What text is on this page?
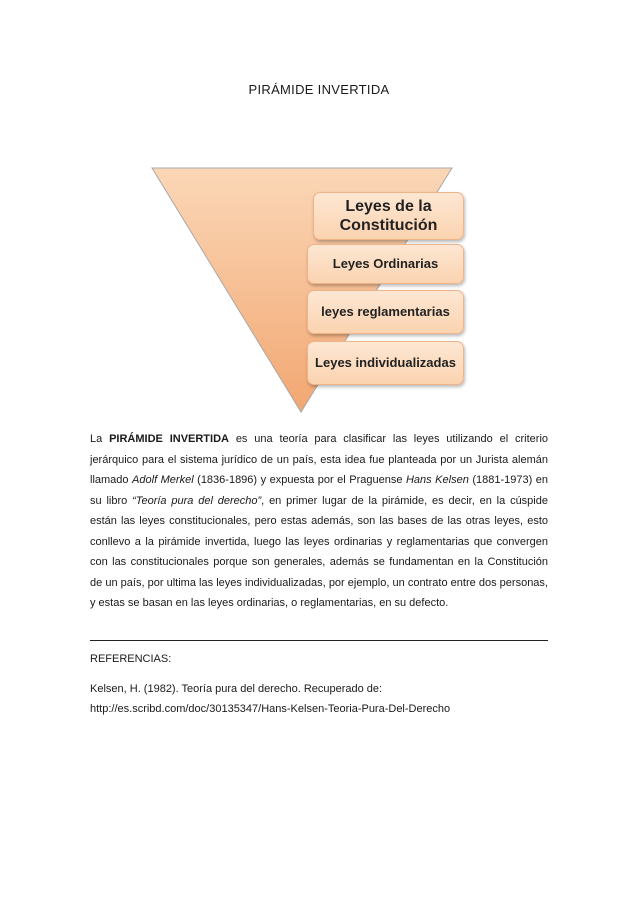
PIRÁMIDE INVERTIDA
Leyes de la Constitución
Leyes Ordinarias
leyes reglamentarias
Leyes individualizadas

La PIRÁMIDE INVERTIDA es una teoría para clasificar las leyes utilizando el criterio jerárquico para el sistema jurídico de un país, esta idea fue planteada por un Jurista alemán llamado Adolf Merkel (1836-1896) y expuesta por el Praguense Hans Kelsen (1881-1973) en su libro “Teoría pura del derecho”, en primer lugar de la pirámide, es decir, en la cúspide están las leyes constitucionales, pero estas además, son las bases de las otras leyes, esto conllevo a la pirámide invertida, luego las leyes ordinarias y reglamentarias que convergen con las constitucionales porque son generales, además se fundamentan en la Constitución de un país, por ultima las leyes individualizadas, por ejemplo, un contrato entre dos personas, y estas se basan en las leyes ordinarias, o reglamentarias, en su defecto.

REFERENCIAS:
Kelsen, H. (1982). Teoría pura del derecho. Recuperado de:
http://es.scribd.com/doc/30135347/Hans-Kelsen-Teoria-Pura-Del-Derecho
